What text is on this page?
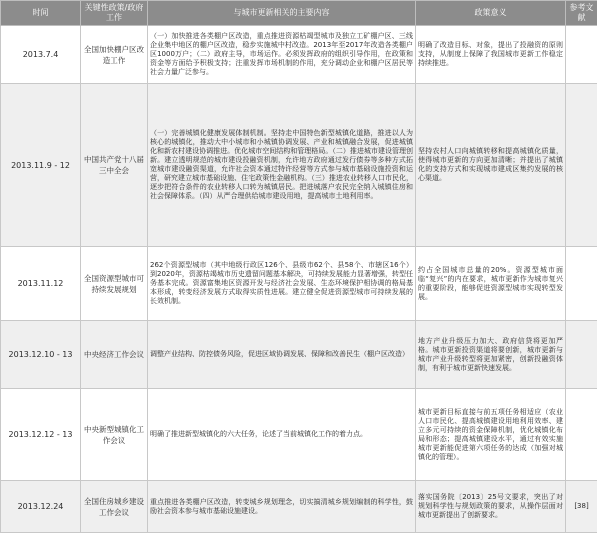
时间	关键性政策/政府工作	与城市更新相关的主要内容	政策意义	参考文献
2013.7.4	全国加快棚户区改造工作	（一）加快推进各类棚户区改造，重点推进资源枯竭型城市及独立工矿棚户区、三线企业集中地区的棚户区改造，稳步实施城中村改造。2013年至2017年改造各类棚户区1000万户；（二）政府主导，市场运作。必须发挥政府的组织引导作用，在政策和资金等方面给予积极支持；注重发挥市场机制的作用，充分调动企业和棚户区居民等社会力量广泛参与。	明确了改造目标、对象，提出了投融资的原则支持，从制度上保障了我国城市更新工作稳定持续推进。	
2013.11.9 - 12	中国共产党十八届三中全会	（一）完善城镇化健康发展体制机制。坚持走中国特色新型城镇化道路，推进以人为核心的城镇化，推动大中小城市和小城镇协调发展、产业和城镇融合发展，促进城镇化和新农村建设协调推进。优化城市空间结构和管理格局。（二）推进城市建设管理创新。建立透明规范的城市建设投融资机制，允许地方政府通过发行债券等多种方式拓宽城市建设融资渠道，允许社会资本通过特许经营等方式参与城市基础设施投资和运营，研究建立城市基础设施、住宅政策性金融机构。（三）推进农业转移人口市民化，逐步把符合条件的农业转移人口转为城镇居民。把进城落户农民完全纳入城镇住房和社会保障体系。（四）从严合理供给城市建设用地，提高城市土地利用率。	坚持农村人口向城镇转移和提高城镇化质量，使得城市更新的方向更加清晰；并提出了城镇化的支持方式和实现城市建成区集约发展的核心渠道。	
2013.11.12	全国资源型城市可持续发展规划	262个资源型城市（其中地级行政区126个、县级市62个、县58个、市辖区16个）到2020年，资源枯竭城市历史遗留问题基本解决，可持续发展能力显著增强，转型任务基本完成。资源富集地区资源开发与经济社会发展、生态环境保护相协调的格局基本形成，转变经济发展方式取得实质性进展。建立健全促进资源型城市可持续发展的长效机制。	约占全国城市总量的20%。资源型城市面临“复兴”的内在要求，城市更新作为城市复兴的重要阶段，能够促进资源型城市实现转型发展。	
2013.12.10 - 13	中央经济工作会议	调整产业结构、防控债务风险，促进区域协调发展、保障和改善民生（棚户区改造）	地方产业升级压力加大、政府信贷将更加严格。城市更新投资渠道将要创新，城市更新与城市产业升级转型将更加紧密，创新投融资体制，有利于城市更新快速发展。	
2013.12.12 - 13	中央新型城镇化工作会议	明确了推进新型城镇化的六大任务，论述了当前城镇化工作的着力点。	城市更新目标直接与前五项任务相适应（农业人口市民化、提高城镇建设用地利用效率、建立多元可持续的资金保障机制，优化城镇化布局和形态；提高城镇建设水平，通过有效实施城市更新能促进第六项任务的达成（加强对城镇化的管理）。	
2013.12.24	全国住房城乡建设工作会议	重点推进各类棚户区改造，转变城乡规划理念，切实搞清城乡规划编制的科学性，鼓励社会资本参与城市基础设施建设。	落实国务院〔2013〕25号文要求，突出了对规划科学性与规划政策的要求，从操作层面对城市更新提出了创新要求。	[38]
